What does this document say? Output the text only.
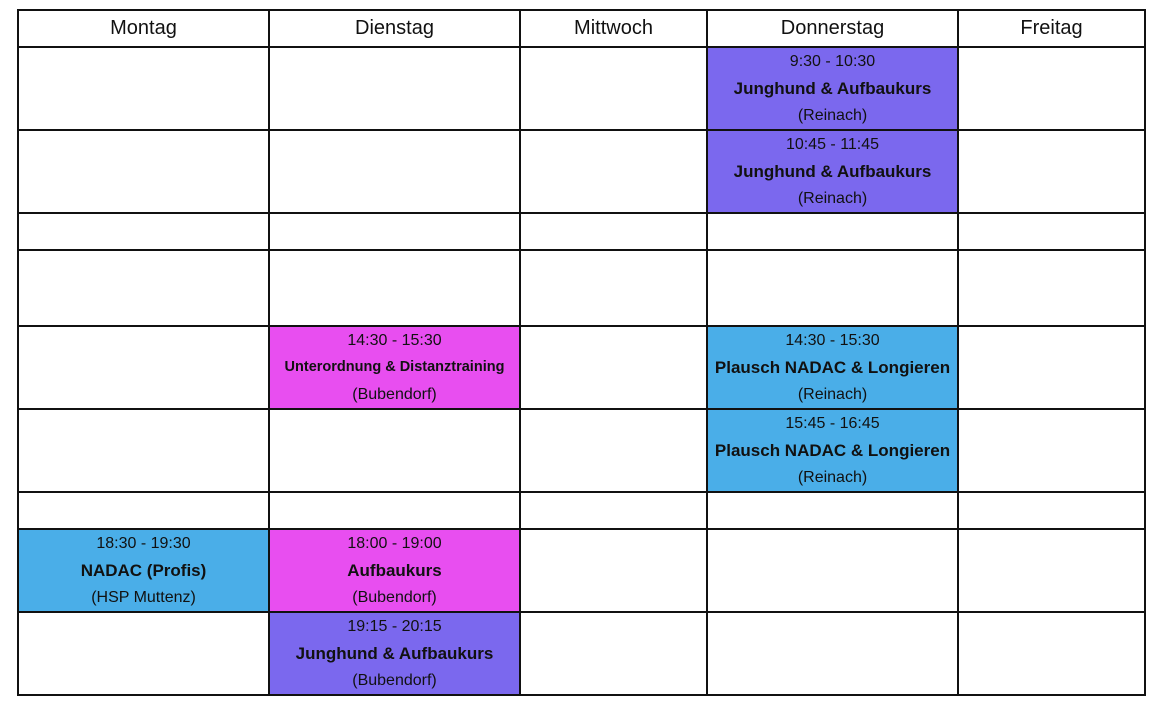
Montag	Dienstag	Mittwoch	Donnerstag	Freitag

			9:30 - 10:30
Junghund & Aufbaukurs
(Reinach)	

			10:45 - 11:45
Junghund & Aufbaukurs
(Reinach)	

	14:30 - 15:30
Unterordnung & Distanztraining
(Bubendorf)		14:30 - 15:30
Plausch NADAC & Longieren
(Reinach)	

			15:45 - 16:45
Plausch NADAC & Longieren
(Reinach)	

18:30 - 19:30
NADAC (Profis)
(HSP Muttenz)	18:00 - 19:00
Aufbaukurs
(Bubendorf)			

	19:15 - 20:15
Junghund & Aufbaukurs
(Bubendorf)			
